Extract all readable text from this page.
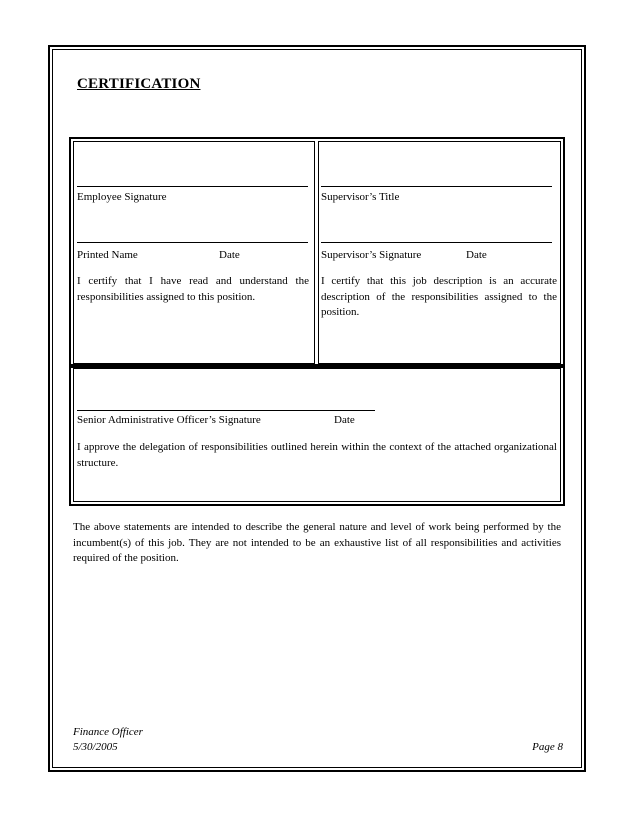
CERTIFICATION
Employee Signature
Printed Name	Date
I certify that I have read and understand the responsibilities assigned to this position.
Supervisor’s Title
Supervisor’s Signature	Date
I certify that this job description is an accurate description of the responsibilities assigned to the position.
Senior Administrative Officer’s Signature	Date
I approve the delegation of responsibilities outlined herein within the context of the attached organizational structure.
The above statements are intended to describe the general nature and level of work being performed by the incumbent(s) of this job. They are not intended to be an exhaustive list of all responsibilities and activities required of the position.
Finance Officer
5/30/2005	Page 8
